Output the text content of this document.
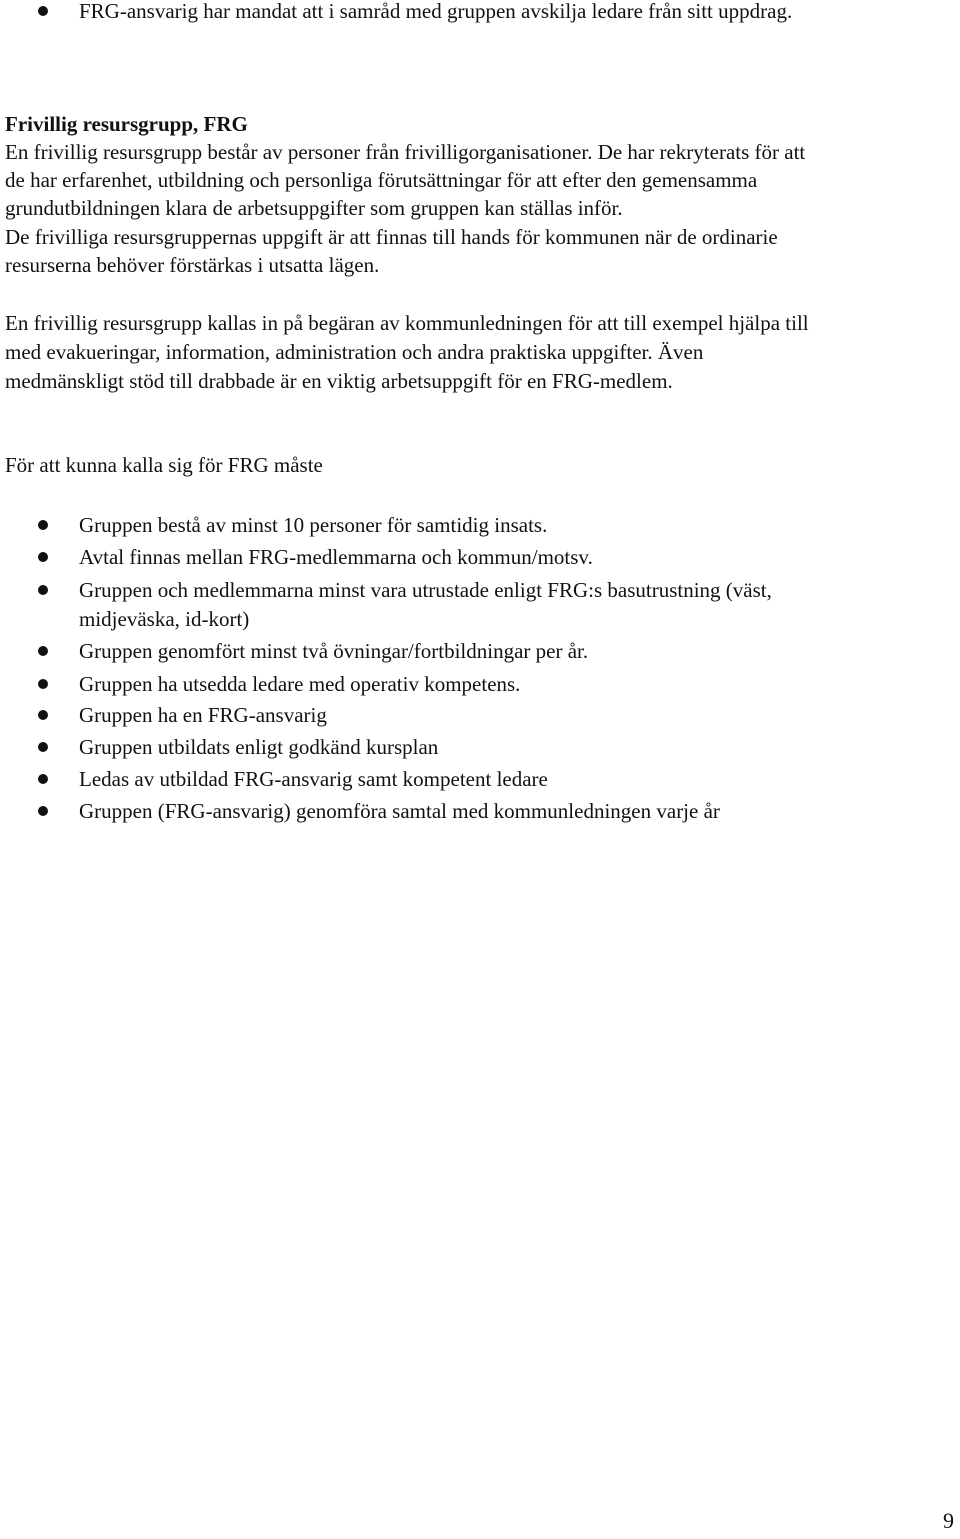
FRG-ansvarig har mandat att i samråd med gruppen avskilja ledare från sitt uppdrag.
Frivillig resursgrupp, FRG
En frivillig resursgrupp består av personer från frivilligorganisationer. De har rekryterats för att
de har erfarenhet, utbildning och personliga förutsättningar för att efter den gemensamma
grundutbildningen klara de arbetsuppgifter som gruppen kan ställas inför.
De frivilliga resursgruppernas uppgift är att finnas till hands för kommunen när de ordinarie
resurserna behöver förstärkas i utsatta lägen.
En frivillig resursgrupp kallas in på begäran av kommunledningen för att till exempel hjälpa till
med evakueringar, information, administration och andra praktiska uppgifter. Även
medmänskligt stöd till drabbade är en viktig arbetsuppgift för en FRG-medlem.
För att kunna kalla sig för FRG måste
Gruppen bestå av minst 10 personer för samtidig insats.
Avtal finnas mellan FRG-medlemmarna och kommun/motsv.
Gruppen och medlemmarna minst vara utrustade enligt FRG:s basutrustning (väst,
midjeväska, id-kort)
Gruppen genomfört minst två övningar/fortbildningar per år.
Gruppen ha utsedda ledare med operativ kompetens.
Gruppen ha en FRG-ansvarig
Gruppen utbildats enligt godkänd kursplan
Ledas av utbildad FRG-ansvarig samt kompetent ledare
Gruppen (FRG-ansvarig) genomföra samtal med kommunledningen varje år
9
